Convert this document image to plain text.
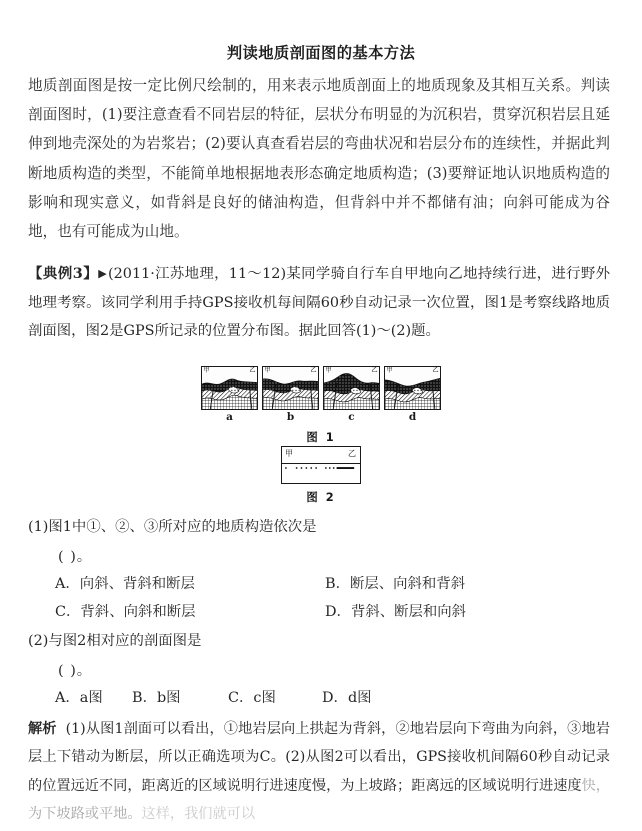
判读地质剖面图的基本方法
地质剖面图是按一定比例尺绘制的，用来表示地质剖面上的地质现象及其相互关系。判读剖面图时，(1)要注意查看不同岩层的特征，层状分布明显的为沉积岩，贯穿沉积岩层且延伸到地壳深处的为岩浆岩；(2)要认真查看岩层的弯曲状况和岩层分布的连续性，并据此判断地质构造的类型，不能简单地根据地表形态确定地质构造；(3)要辩证地认识地质构造的影响和现实意义，如背斜是良好的储油构造，但背斜中并不都储有油；向斜可能成为谷地，也有可能成为山地。
【典例3】▶(2011·江苏地理，11～12)某同学骑自行车自甲地向乙地持续行进，进行野外地理考察。该同学利用手持GPS接收机每间隔60秒自动记录一次位置，图1是考察线路地质剖面图，图2是GPS所记录的位置分布图。据此回答(1)～(2)题。
甲	乙
a
甲	乙
b
甲	乙
c
甲	乙
d
图 1
甲	乙
图 2
(1)图1中①、②、③所对应的地质构造依次是
( )。
A．向斜、背斜和断层	B．断层、向斜和背斜
C．背斜、向斜和断层	D．背斜、断层和向斜
(2)与图2相对应的剖面图是
( )。
A．a图 B．b图	C．c图	D．d图
解析 (1)从图1剖面可以看出，①地岩层向上拱起为背斜，②地岩层向下弯曲为向斜，③地岩层上下错动为断层，所以正确选项为C。(2)从图2可以看出，GPS接收机间隔60秒自动记录的位置远近不同，距离近的区域说明行进速度慢，为上坡路；距离远的区域说明行进速度快，为下坡路或平地。这样，我们就可以
